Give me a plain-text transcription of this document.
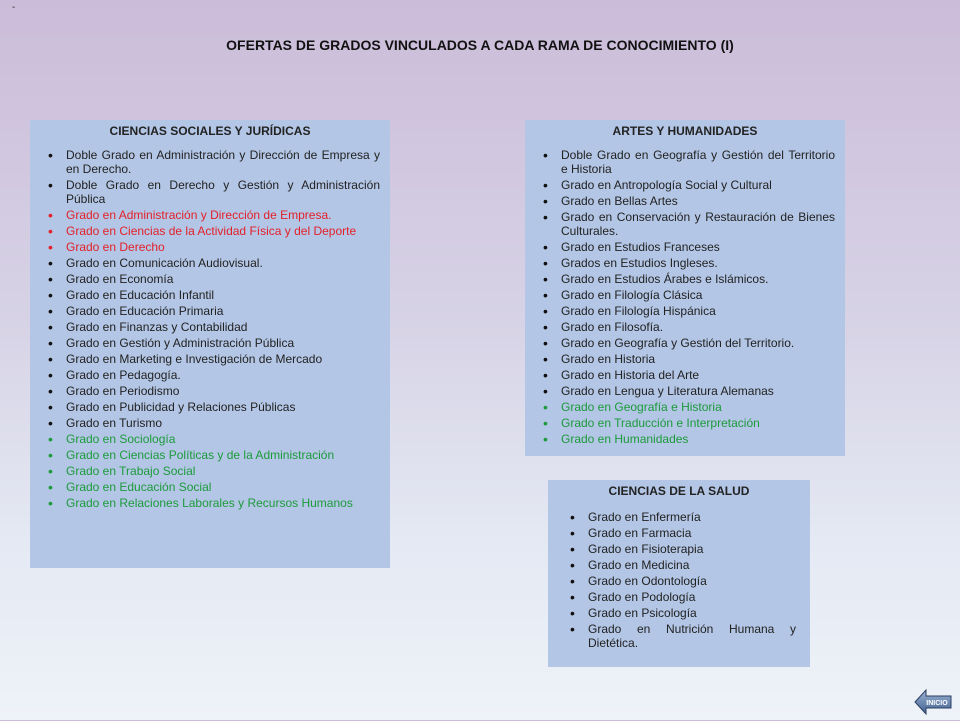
-
OFERTAS DE GRADOS VINCULADOS A CADA RAMA DE CONOCIMIENTO (I)
CIENCIAS SOCIALES Y JURÍDICAS
• Doble Grado en Administración y Dirección de Empresa y en Derecho.
• Doble Grado en Derecho y Gestión y Administración Pública
• Grado en Administración y Dirección de Empresa.
• Grado en Ciencias de la Actividad Física y del Deporte
• Grado en Derecho
• Grado en Comunicación Audiovisual.
• Grado en Economía
• Grado en Educación Infantil
• Grado en Educación Primaria
• Grado en Finanzas y Contabilidad
• Grado en Gestión y Administración Pública
• Grado en Marketing e Investigación de Mercado
• Grado en Pedagogía.
• Grado en Periodismo
• Grado en Publicidad y Relaciones Públicas
• Grado en Turismo
• Grado en Sociología
• Grado en Ciencias Políticas y de la Administración
• Grado en Trabajo Social
• Grado en Educación Social
• Grado en Relaciones Laborales y Recursos Humanos
ARTES Y HUMANIDADES
• Doble Grado en Geografía y Gestión del Territorio e Historia
• Grado en Antropología Social y Cultural
• Grado en Bellas Artes
• Grado en Conservación y Restauración de Bienes Culturales.
• Grado en Estudios Franceses
• Grados en Estudios Ingleses.
• Grado en Estudios Árabes e Islámicos.
• Grado en Filología Clásica
• Grado en Filología Hispánica
• Grado en Filosofía.
• Grado en Geografía y Gestión del Territorio.
• Grado en Historia
• Grado en Historia del Arte
• Grado en Lengua y Literatura Alemanas
• Grado en Geografía e Historia
• Grado en Traducción e Interpretación
• Grado en Humanidades
CIENCIAS DE LA SALUD
• Grado en Enfermería
• Grado en Farmacia
• Grado en Fisioterapia
• Grado en Medicina
• Grado en Odontología
• Grado en Podología
• Grado en Psicología
• Grado en Nutrición Humana y Dietética.
INICIO
